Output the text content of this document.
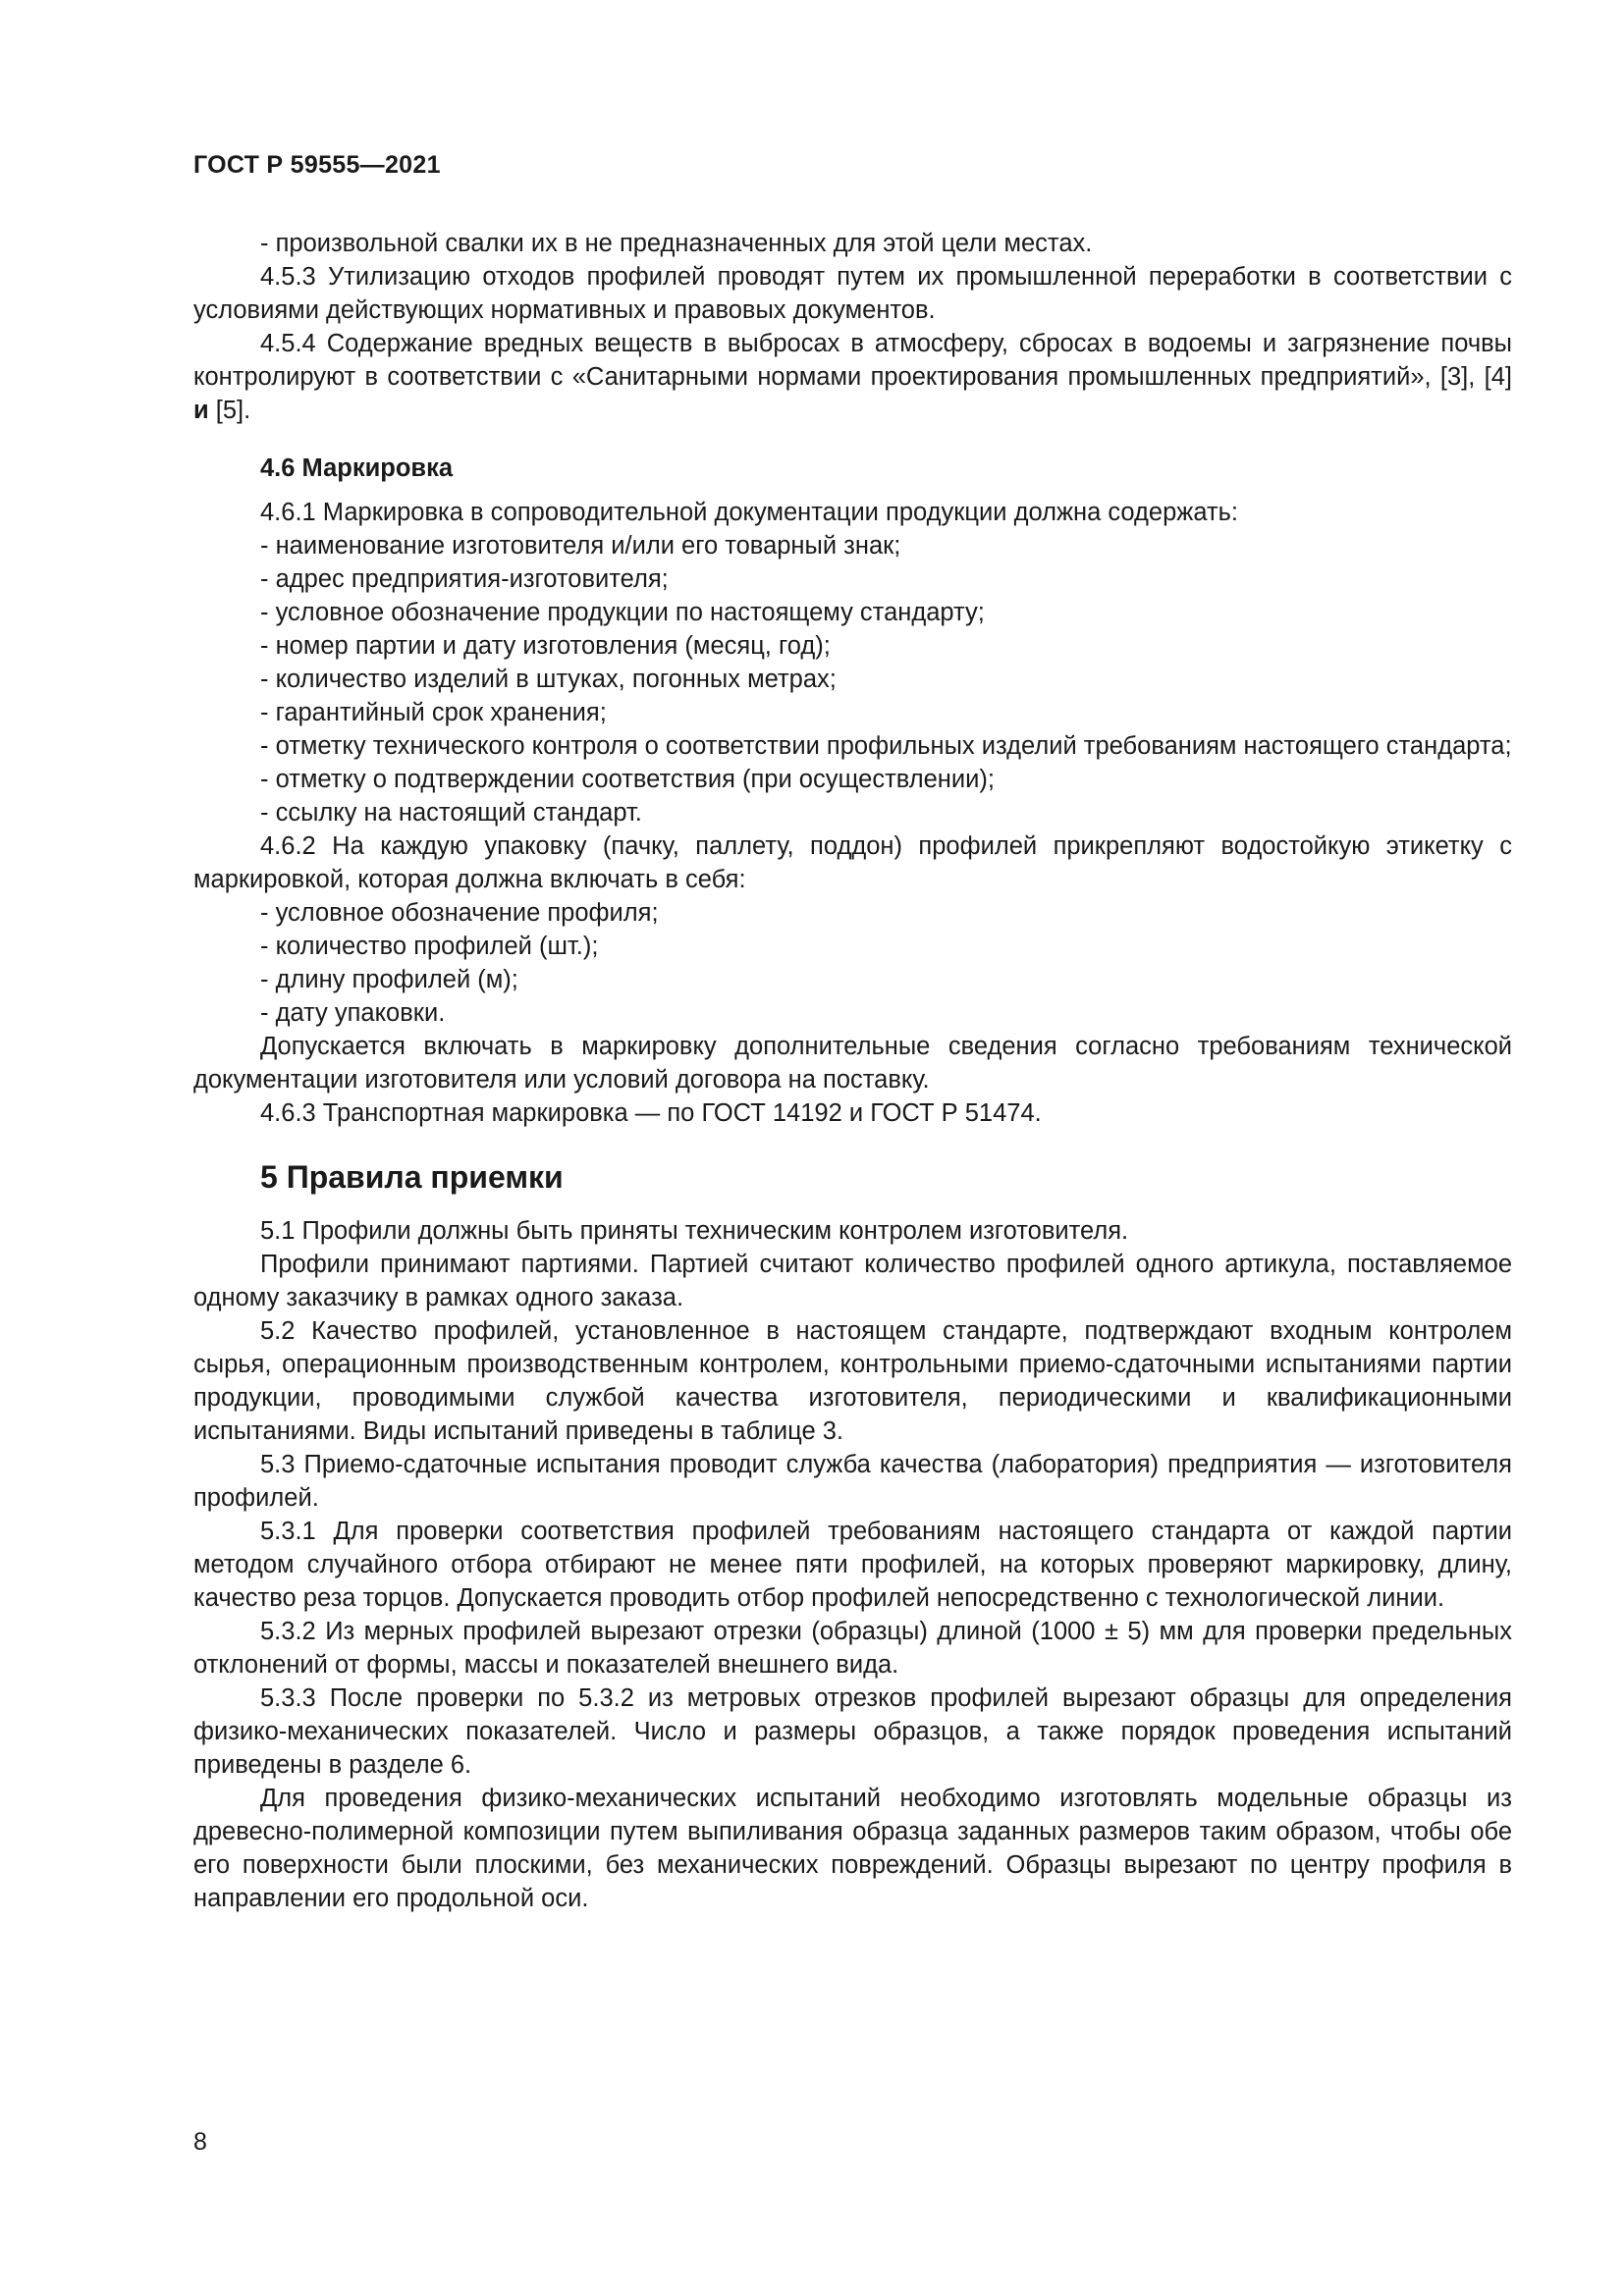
ГОСТ Р 59555—2021

- произвольной свалки их в не предназначенных для этой цели местах.

4.5.3 Утилизацию отходов профилей проводят путем их промышленной переработки в соответствии с условиями действующих нормативных и правовых документов.

4.5.4 Содержание вредных веществ в выбросах в атмосферу, сбросах в водоемы и загрязнение почвы контролируют в соответствии с «Санитарными нормами проектирования промышленных предприятий», [3], [4] и [5].

4.6 Маркировка

4.6.1 Маркировка в сопроводительной документации продукции должна содержать:

- наименование изготовителя и/или его товарный знак;

- адрес предприятия-изготовителя;

- условное обозначение продукции по настоящему стандарту;

- номер партии и дату изготовления (месяц, год);

- количество изделий в штуках, погонных метрах;

- гарантийный срок хранения;

- отметку технического контроля о соответствии профильных изделий требованиям настоящего стандарта;

- отметку о подтверждении соответствия (при осуществлении);

- ссылку на настоящий стандарт.

4.6.2 На каждую упаковку (пачку, паллету, поддон) профилей прикрепляют водостойкую этикетку с маркировкой, которая должна включать в себя:

- условное обозначение профиля;

- количество профилей (шт.);

- длину профилей (м);

- дату упаковки.

Допускается включать в маркировку дополнительные сведения согласно требованиям технической документации изготовителя или условий договора на поставку.

4.6.3 Транспортная маркировка — по ГОСТ 14192 и ГОСТ Р 51474.

5 Правила приемки

5.1 Профили должны быть приняты техническим контролем изготовителя.

Профили принимают партиями. Партией считают количество профилей одного артикула, поставляемое одному заказчику в рамках одного заказа.

5.2 Качество профилей, установленное в настоящем стандарте, подтверждают входным контролем сырья, операционным производственным контролем, контрольными приемо-сдаточными испытаниями партии продукции, проводимыми службой качества изготовителя, периодическими и квалификационными испытаниями. Виды испытаний приведены в таблице 3.

5.3 Приемо-сдаточные испытания проводит служба качества (лаборатория) предприятия — изготовителя профилей.

5.3.1 Для проверки соответствия профилей требованиям настоящего стандарта от каждой партии методом случайного отбора отбирают не менее пяти профилей, на которых проверяют маркировку, длину, качество реза торцов. Допускается проводить отбор профилей непосредственно с технологической линии.

5.3.2 Из мерных профилей вырезают отрезки (образцы) длиной (1000 ± 5) мм для проверки предельных отклонений от формы, массы и показателей внешнего вида.

5.3.3 После проверки по 5.3.2 из метровых отрезков профилей вырезают образцы для определения физико-механических показателей. Число и размеры образцов, а также порядок проведения испытаний приведены в разделе 6.

Для проведения физико-механических испытаний необходимо изготовлять модельные образцы из древесно-полимерной композиции путем выпиливания образца заданных размеров таким образом, чтобы обе его поверхности были плоскими, без механических повреждений. Образцы вырезают по центру профиля в направлении его продольной оси.

8
